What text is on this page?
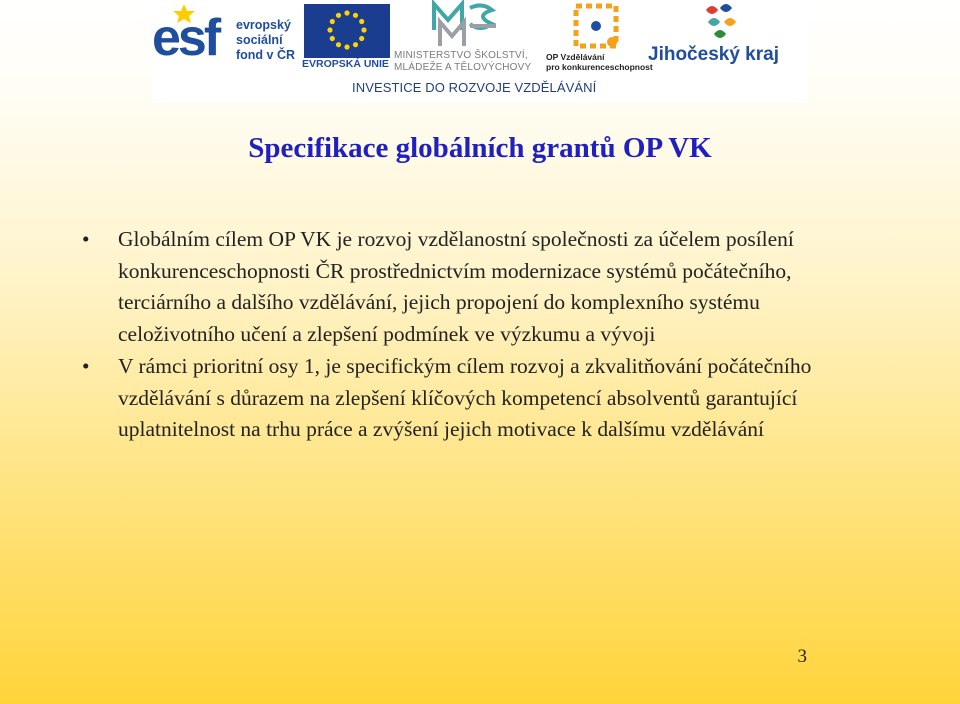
esf evropský
sociální
fond v ČR
EVROPSKÁ UNIE
MINISTERSTVO ŠKOLSTVÍ,
MLÁDEŽE A TĚLOVÝCHOVY
OP Vzdělávání
pro konkurenceschopnost
Jihočeský kraj
INVESTICE DO ROZVOJE VZDĚLÁVÁNÍ
Specifikace globálních grantů OP VK
• Globálním cílem OP VK je rozvoj vzdělanostní společnosti za účelem posílení konkurenceschopnosti ČR prostřednictvím modernizace systémů počátečního, terciárního a dalšího vzdělávání, jejich propojení do komplexního systému celoživotního učení a zlepšení podmínek ve výzkumu a vývoji
• V rámci prioritní osy 1, je specifickým cílem rozvoj a zkvalitňování počátečního vzdělávání s důrazem na zlepšení klíčových kompetencí absolventů garantující uplatnitelnost na trhu práce a zvýšení jejich motivace k dalšímu vzdělávání
3
